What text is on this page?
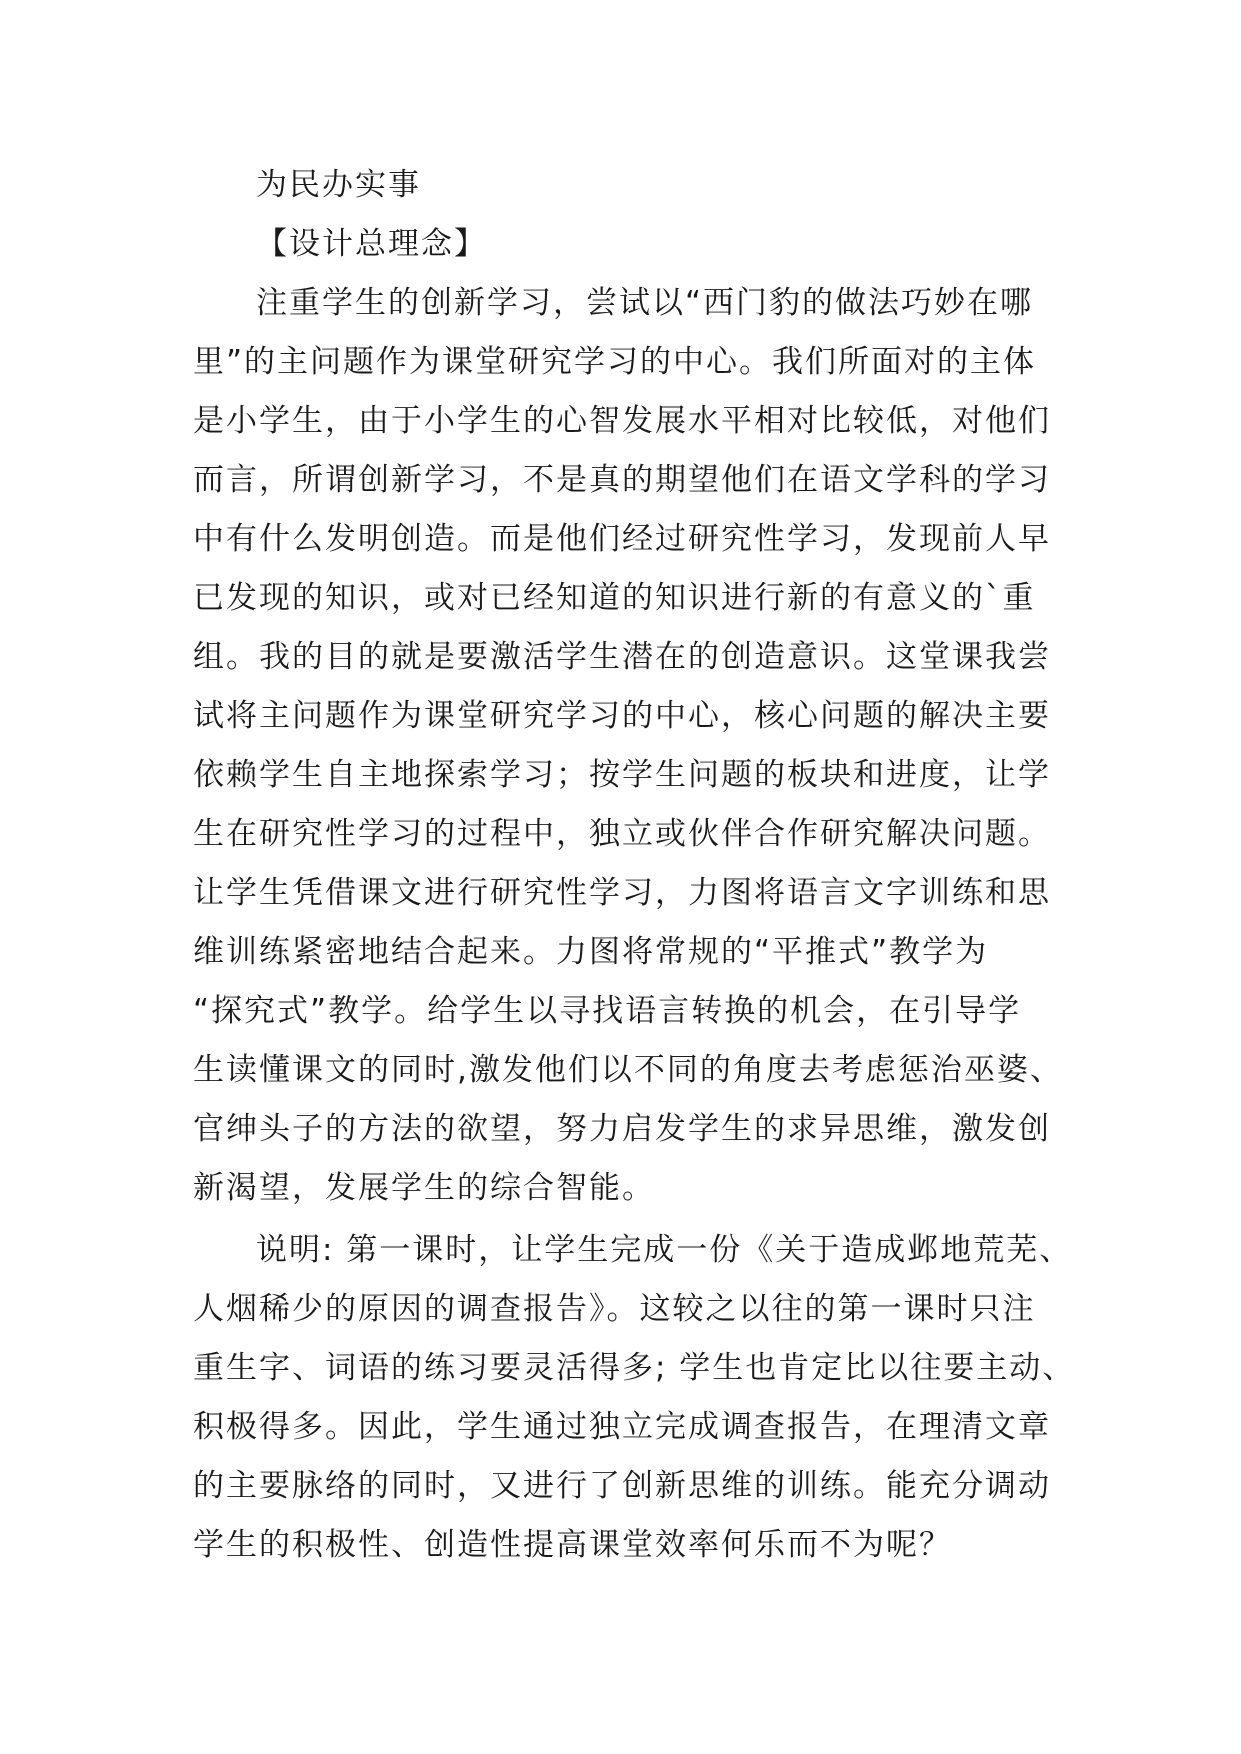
为民办实事
【设计总理念】
注重学生的创新学习，尝试以“西门豹的做法巧妙在哪
里”的主问题作为课堂研究学习的中心。我们所面对的主体
是小学生，由于小学生的心智发展水平相对比较低，对他们
而言，所谓创新学习，不是真的期望他们在语文学科的学习
中有什么发明创造。而是他们经过研究性学习，发现前人早
已发现的知识，或对已经知道的知识进行新的有意义的`重
组。我的目的就是要激活学生潜在的创造意识。这堂课我尝
试将主问题作为课堂研究学习的中心，核心问题的解决主要
依赖学生自主地探索学习；按学生问题的板块和进度，让学
生在研究性学习的过程中，独立或伙伴合作研究解决问题。
让学生凭借课文进行研究性学习，力图将语言文字训练和思
维训练紧密地结合起来。力图将常规的“平推式”教学为
“探究式”教学。给学生以寻找语言转换的机会，在引导学
生读懂课文的同时,激发他们以不同的角度去考虑惩治巫婆、
官绅头子的方法的欲望，努力启发学生的求异思维，激发创
新渴望，发展学生的综合智能。
说明: 第一课时，让学生完成一份《关于造成邺地荒芜、
人烟稀少的原因的调查报告》。这较之以往的第一课时只注
重生字、词语的练习要灵活得多; 学生也肯定比以往要主动、
积极得多。因此，学生通过独立完成调查报告，在理清文章
的主要脉络的同时，又进行了创新思维的训练。能充分调动
学生的积极性、创造性提高课堂效率何乐而不为呢？
